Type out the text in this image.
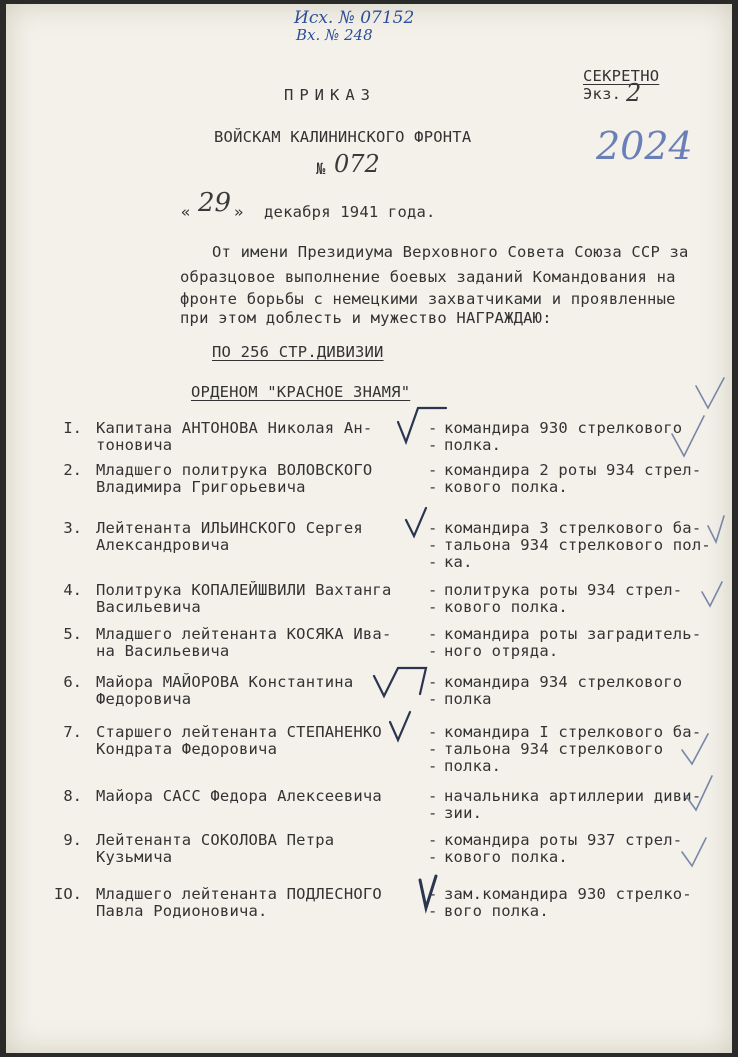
Исх. № 07152
Вх. № 248
СЕКРЕТНО
Экз. 2
2024
ПРИКАЗ
ВОЙСКАМ КАЛИНИНСКОГО ФРОНТА
№ 072
« 29 » декабря 1941 года.
От имени Президиума Верховного Совета Союза ССР за
образцовое выполнение боевых заданий Командования на
фронте борьбы с немецкими захватчиками и проявленные
при этом доблесть и мужество НАГРАЖДАЮ:
ПО 256 СТР.ДИВИЗИИ
ОРДЕНОМ "КРАСНОЕ ЗНАМЯ"
I. Капитана АНТОНОВА Николая Ан-
тоновича
командира 930 стрелкового
полка.
-
-
2. Младшего политрука ВОЛОВСКОГО
Владимира Григорьевича
командира 2 роты 934 стрел-
кового полка.
-
-
3. Лейтенанта ИЛЬИНСКОГО Сергея
Александровича
командира 3 стрелкового ба-
тальона 934 стрелкового пол-
ка.
-
-
-
4. Политрука КОПАЛЕЙШВИЛИ Вахтанга
Васильевича
политрука роты 934 стрел-
кового полка.
-
-
5. Младшего лейтенанта КОСЯКА Ива-
на Васильевича
командира роты заградитель-
ного отряда.
-
-
6. Майора МАЙОРОВА Константина
Федоровича
командира 934 стрелкового
полка
-
-
7. Старшего лейтенанта СТЕПАНЕНКО
Кондрата Федоровича
командира I стрелкового ба-
тальона 934 стрелкового
полка.
-
-
-
8. Майора САСС Федора Алексеевича	начальника артиллерии диви-
зии.
-
-
9. Лейтенанта СОКОЛОВА Петра
Кузьмича
командира роты 937 стрел-
кового полка.
-
-
IO. Младшего лейтенанта ПОДЛЕСНОГО
Павла Родионовича.
зам.командира 930 стрелко-
вого полка.
-
-
